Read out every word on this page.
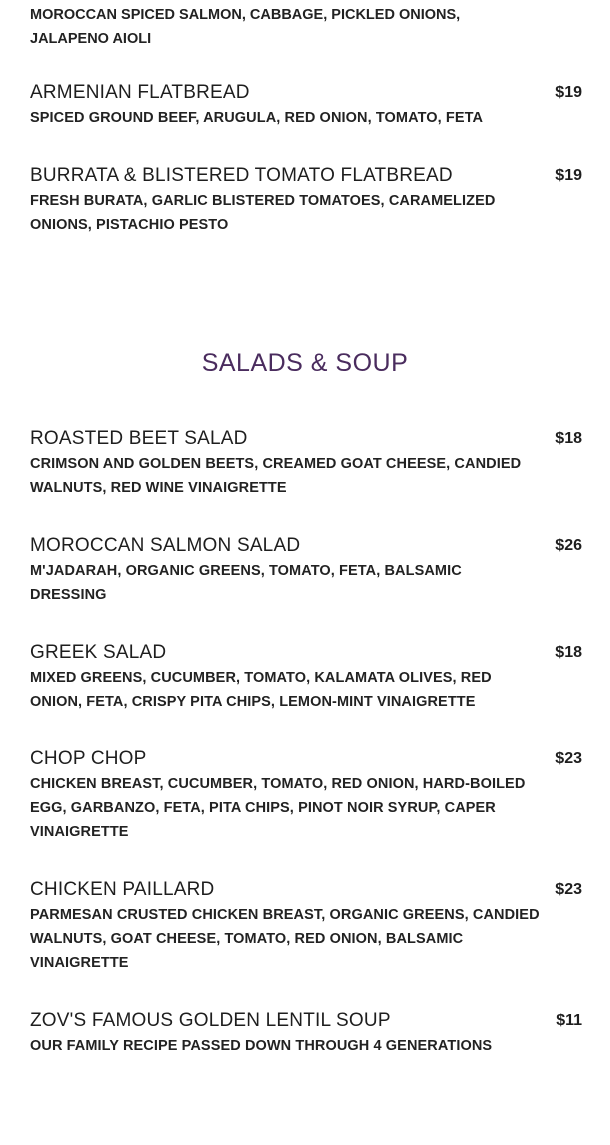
MOROCCAN SPICED SALMON, CABBAGE, PICKLED ONIONS, JALAPENO AIOLI
ARMENIAN FLATBREAD	$19
SPICED GROUND BEEF, ARUGULA, RED ONION, TOMATO, FETA
BURRATA & BLISTERED TOMATO FLATBREAD	$19
FRESH BURATA, GARLIC BLISTERED TOMATOES, CARAMELIZED ONIONS, PISTACHIO PESTO
SALADS & SOUP
ROASTED BEET SALAD	$18
CRIMSON AND GOLDEN BEETS, CREAMED GOAT CHEESE, CANDIED WALNUTS, RED WINE VINAIGRETTE
MOROCCAN SALMON SALAD	$26
M'JADARAH, ORGANIC GREENS, TOMATO, FETA, BALSAMIC DRESSING
GREEK SALAD	$18
MIXED GREENS, CUCUMBER, TOMATO, KALAMATA OLIVES, RED ONION, FETA, CRISPY PITA CHIPS, LEMON-MINT VINAIGRETTE
CHOP CHOP	$23
CHICKEN BREAST, CUCUMBER, TOMATO, RED ONION, HARD-BOILED EGG, GARBANZO, FETA, PITA CHIPS, PINOT NOIR SYRUP, CAPER VINAIGRETTE
CHICKEN PAILLARD	$23
PARMESAN CRUSTED CHICKEN BREAST, ORGANIC GREENS, CANDIED WALNUTS, GOAT CHEESE, TOMATO, RED ONION, BALSAMIC VINAIGRETTE
ZOV'S FAMOUS GOLDEN LENTIL SOUP	$11
OUR FAMILY RECIPE PASSED DOWN THROUGH 4 GENERATIONS
